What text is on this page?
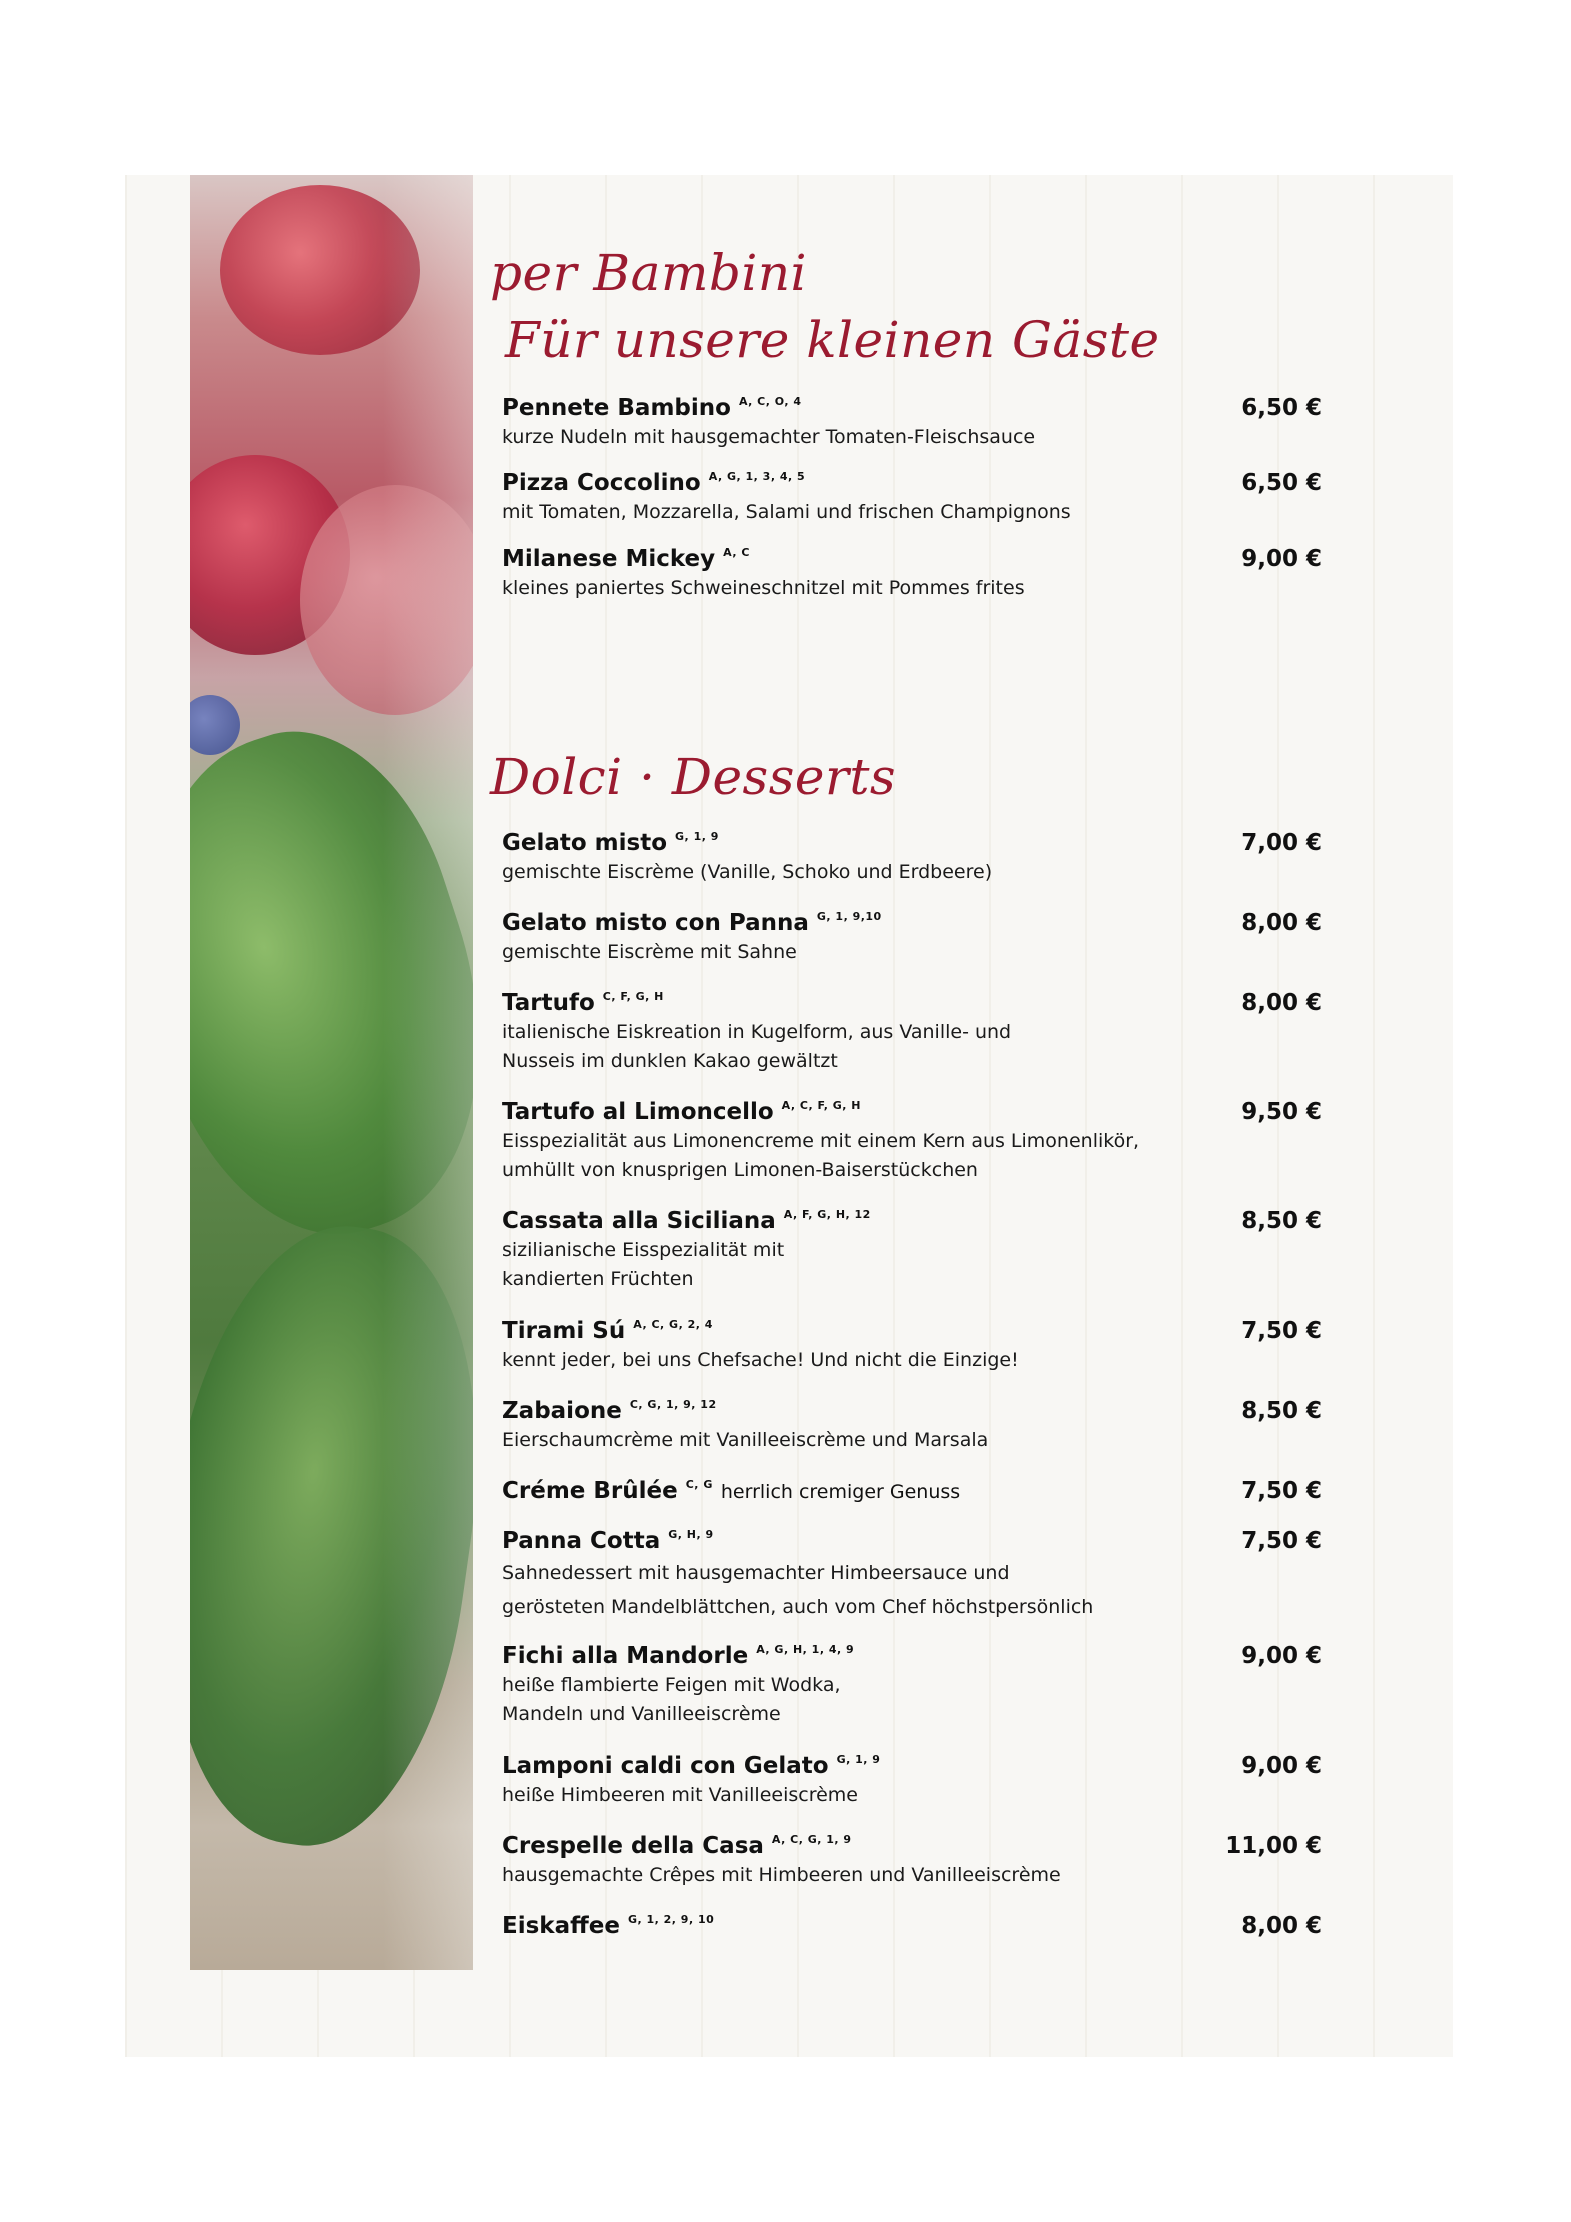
per Bambini
Für unsere kleinen Gäste
Pennete Bambino $^{A, C, O, 4}$
kurze Nudeln mit hausgemachter Tomaten-Fleischsauce
6,50 €
Pizza Coccolino $^{A, G, 1, 3, 4, 5}$
mit Tomaten, Mozzarella, Salami und frischen Champignons
6,50 €
Milanese Mickey $^{A, C}$
kleines paniertes Schweineschnitzel mit Pommes frites
9,00 €
Dolci · Desserts
Gelato misto $^{G, 1, 9}$
gemischte Eiscrème (Vanille, Schoko und Erdbeere)
7,00 €
Gelato misto con Panna $^{G, 1, 9,10}$
gemischte Eiscrème mit Sahne
8,00 €
Tartufo $^{C, F, G, H}$
italienische Eiskreation in Kugelform, aus Vanille- und
Nusseis im dunklen Kakao gewältzt
8,00 €
Tartufo al Limoncello $^{A, C, F, G, H}$
Eisspezialität aus Limonencreme mit einem Kern aus Limonenlikör,
umhüllt von knusprigen Limonen-Baiserstückchen
9,50 €
Cassata alla Siciliana $^{A, F, G, H, 12}$
sizilianische Eisspezialität mit
kandierten Früchten
8,50 €
Tirami Sú $^{A, C, G, 2, 4}$
kennt jeder, bei uns Chefsache! Und nicht die Einzige!
7,50 €
Zabaione $^{C, G, 1, 9, 12}$
Eierschaumcrème mit Vanilleeiscrème und Marsala
8,50 €
Créme Brûlée $^{C, G}$ herrlich cremiger Genuss	7,50 €
Panna Cotta $^{G, H, 9}$
Sahnedessert mit hausgemachter Himbeersauce und
gerösteten Mandelblättchen, auch vom Chef höchstpersönlich
7,50 €
Fichi alla Mandorle $^{A, G, H, 1, 4, 9}$
heiße flambierte Feigen mit Wodka,
Mandeln und Vanilleeiscrème
9,00 €
Lamponi caldi con Gelato $^{G, 1, 9}$
heiße Himbeeren mit Vanilleeiscrème
9,00 €
Crespelle della Casa $^{A, C, G, 1, 9}$
hausgemachte Crêpes mit Himbeeren und Vanilleeiscrème
11,00 €
Eiskaffee $^{G, 1, 2, 9, 10}$	8,00 €
